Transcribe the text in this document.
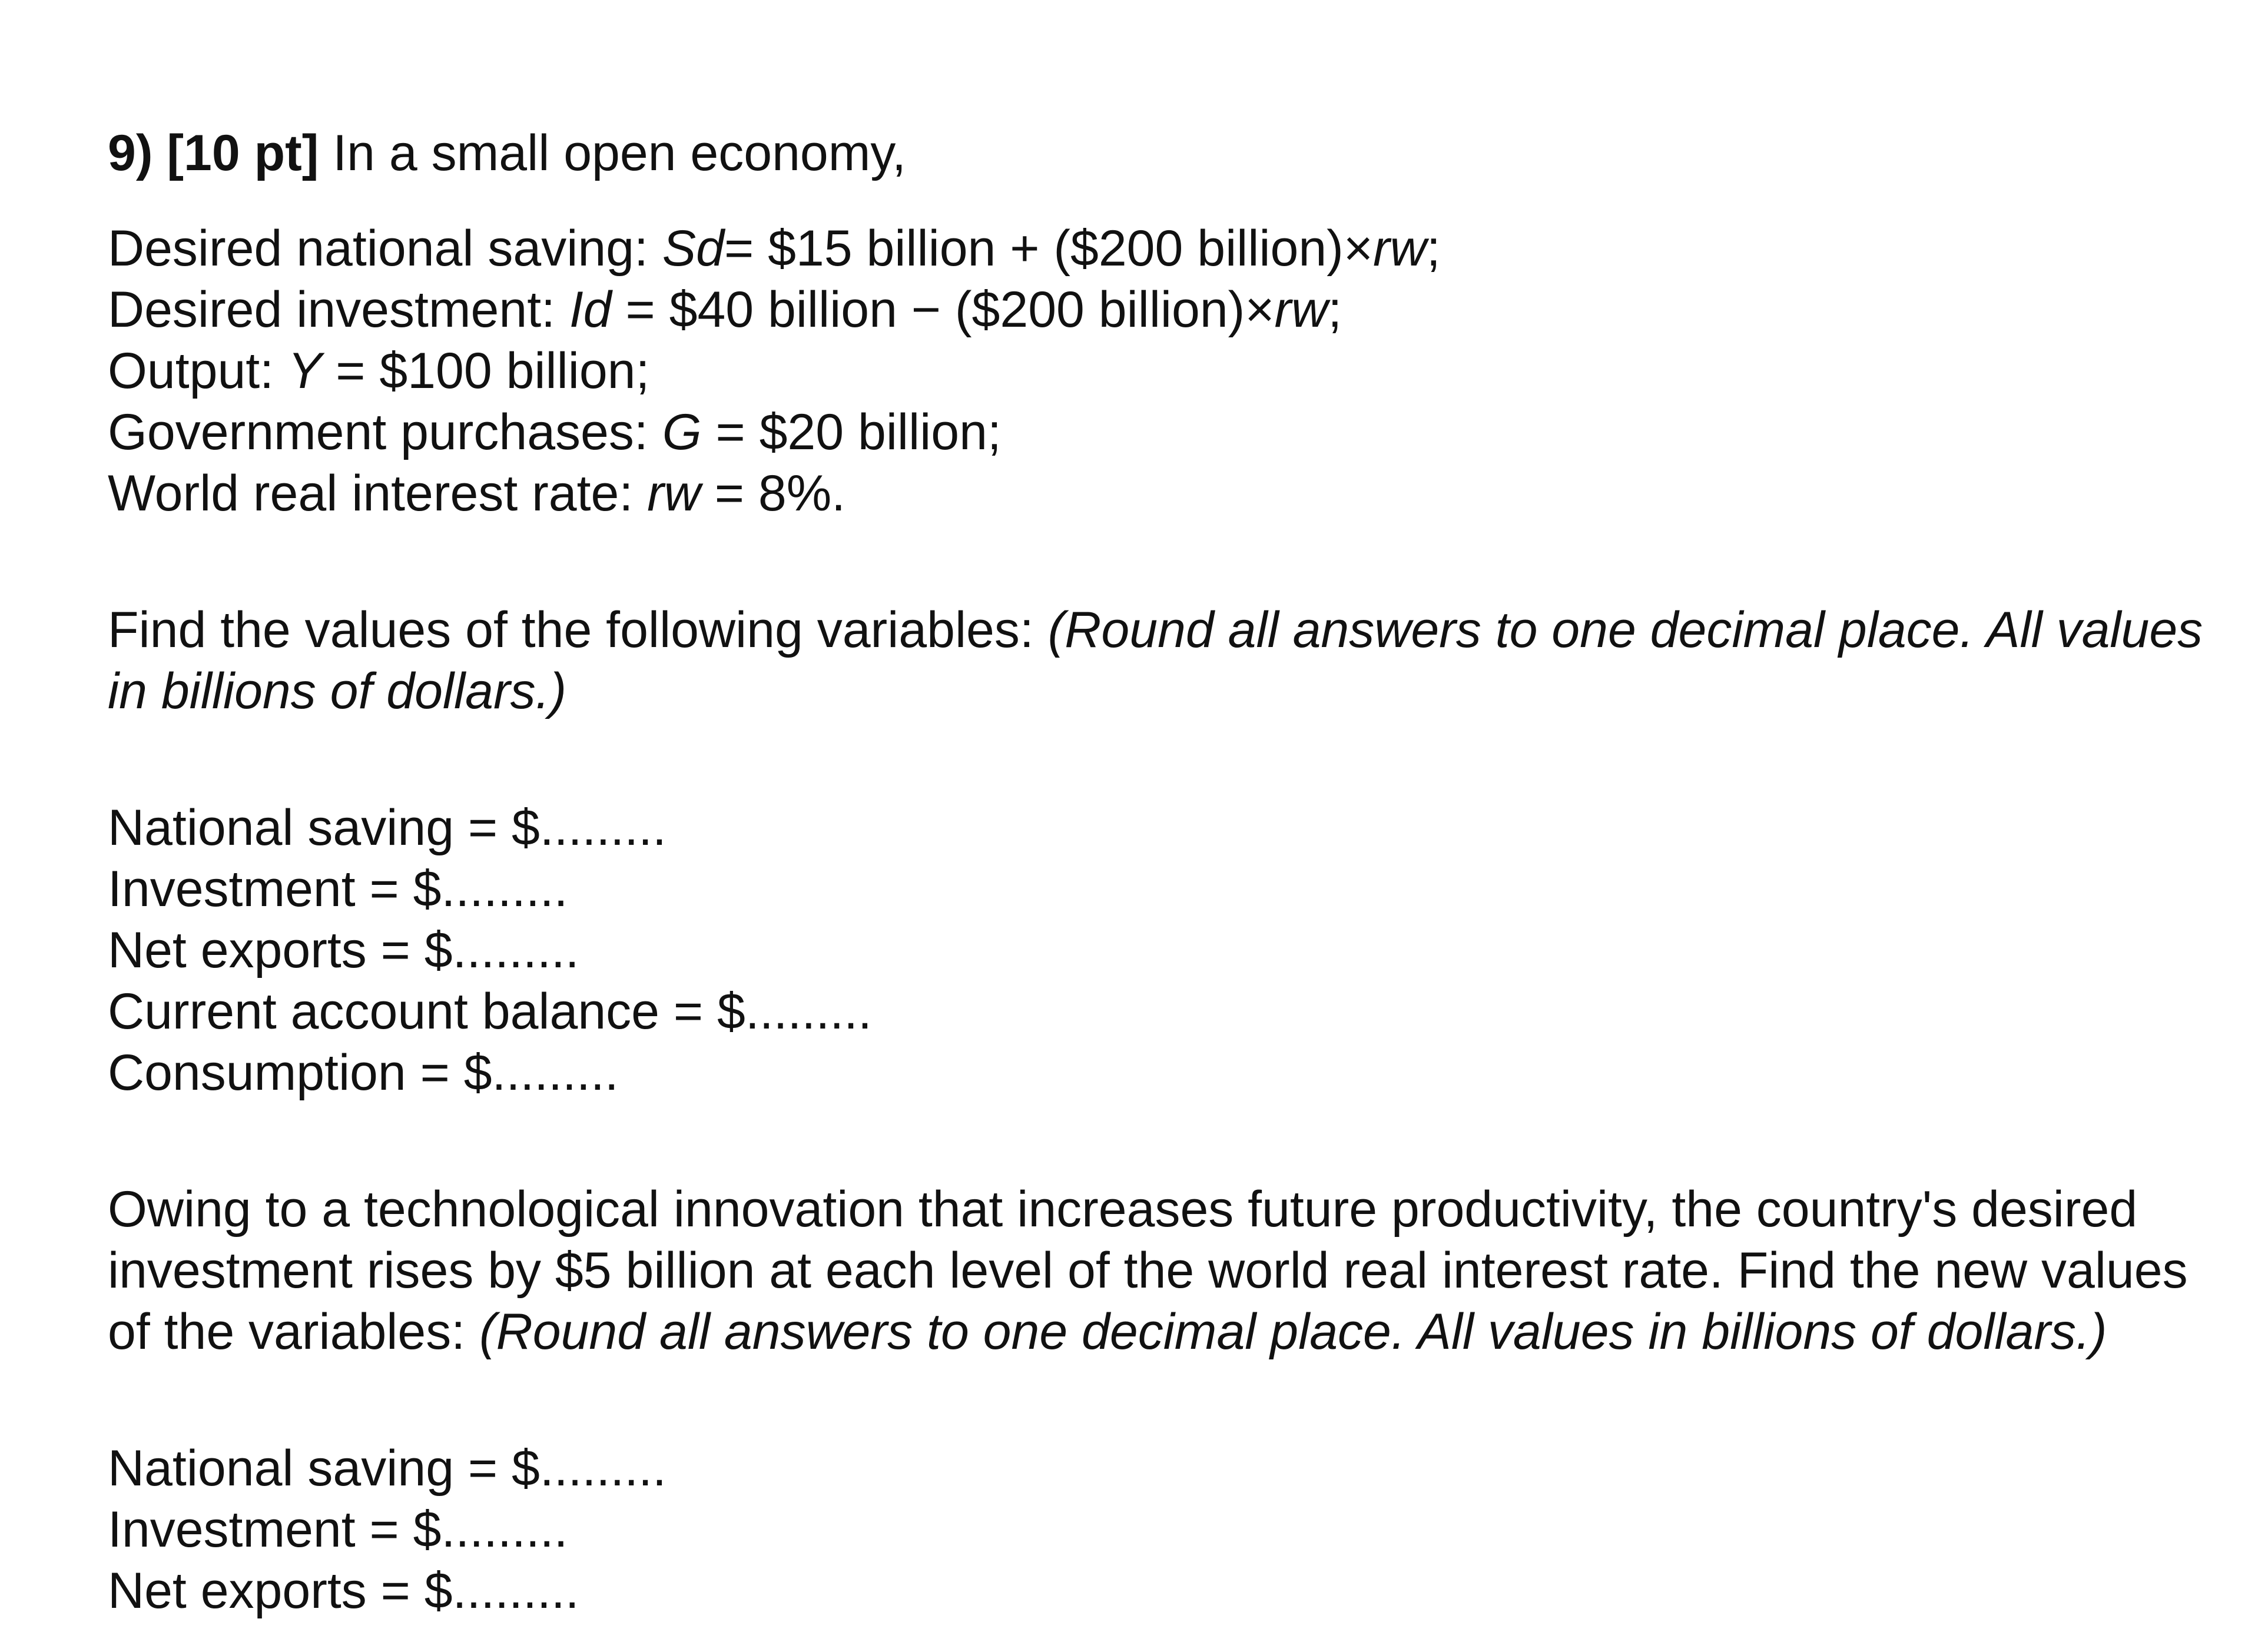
9) [10 pt] In a small open economy,
Desired national saving: Sd= $15 billion + ($200 billion)×rw;
Desired investment: Id = $40 billion − ($200 billion)×rw;
Output: Y = $100 billion;
Government purchases: G = $20 billion;
World real interest rate: rw = 8%.
Find the values of the following variables: (Round all answers to one decimal place. All values in billions of dollars.)
National saving = $.........
Investment = $.........
Net exports = $.........
Current account balance = $.........
Consumption = $.........
Owing to a technological innovation that increases future productivity, the country's desired investment rises by $5 billion at each level of the world real interest rate. Find the new values of the variables: (Round all answers to one decimal place. All values in billions of dollars.)
National saving = $.........
Investment = $.........
Net exports = $.........
